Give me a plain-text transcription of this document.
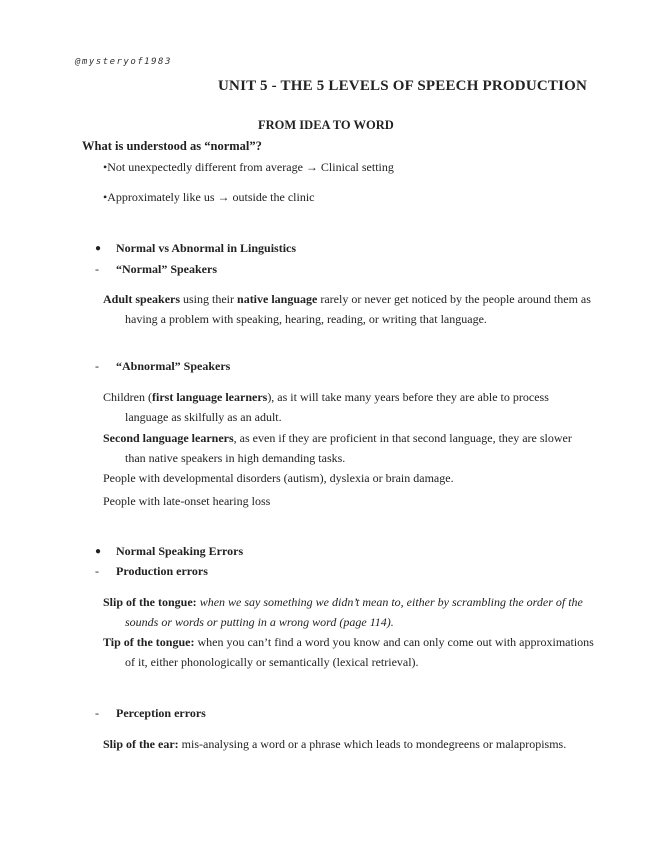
@mysteryof1983
UNIT 5 - THE 5 LEVELS OF SPEECH PRODUCTION
FROM IDEA TO WORD
What is understood as “normal”?
•Not unexpectedly different from average → Clinical setting
•Approximately like us → outside the clinic
● Normal vs Abnormal in Linguistics
- “Normal” Speakers
Adult speakers using their native language rarely or never get noticed by the people around them as having a problem with speaking, hearing, reading, or writing that language.
- “Abnormal” Speakers
Children (first language learners), as it will take many years before they are able to process language as skilfully as an adult.
Second language learners, as even if they are proficient in that second language, they are slower than native speakers in high demanding tasks.
People with developmental disorders (autism), dyslexia or brain damage.
People with late-onset hearing loss
● Normal Speaking Errors
- Production errors
Slip of the tongue: when we say something we didn’t mean to, either by scrambling the order of the sounds or words or putting in a wrong word (page 114).
Tip of the tongue: when you can’t find a word you know and can only come out with approximations of it, either phonologically or semantically (lexical retrieval).
- Perception errors
Slip of the ear: mis-analysing a word or a phrase which leads to mondegreens or malapropisms.
